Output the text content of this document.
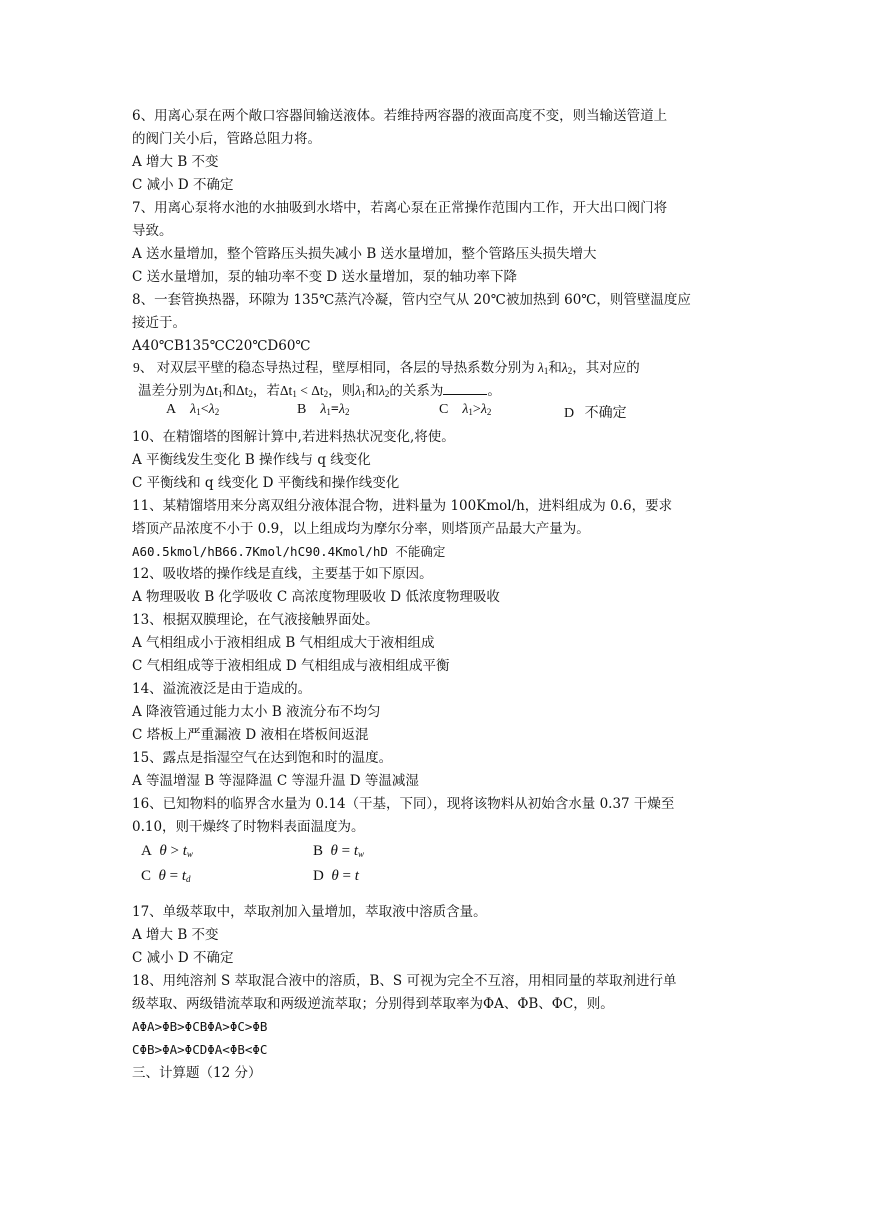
6、用离心泵在两个敞口容器间输送液体。若维持两容器的液面高度不变，则当输送管道上
的阀门关小后，管路总阻力将。
A 增大 B 不变
C 减小 D 不确定
7、用离心泵将水池的水抽吸到水塔中，若离心泵在正常操作范围内工作，开大出口阀门将
导致。
A 送水量增加，整个管路压头损失减小 B 送水量增加，整个管路压头损失增大
C 送水量增加，泵的轴功率不变 D 送水量增加，泵的轴功率下降
8、一套管换热器，环隙为 135℃蒸汽冷凝，管内空气从 20℃被加热到 60℃，则管壁温度应
接近于。
A40℃B135℃C20℃D60℃
9、 对双层平壁的稳态导热过程，壁厚相同，各层的导热系数分别为 $\lambda_1$和$\lambda_2$，其对应的
温差分别为$\Delta t_1$和$\Delta t_2$，若$\Delta t_1 < \Delta t_2$，则$\lambda_1$和$\lambda_2$的关系为	。
A $\lambda_1<\lambda_2$	B $\lambda_1=\lambda_2$	C $\lambda_1>\lambda_2$	D 不确定
10、在精馏塔的图解计算中,若进料热状况变化,将使。
A 平衡线发生变化 B 操作线与 q 线变化
C 平衡线和 q 线变化 D 平衡线和操作线变化
11、某精馏塔用来分离双组分液体混合物，进料量为 100Kmol/h，进料组成为 0.6，要求
塔顶产品浓度不小于 0.9，以上组成均为摩尔分率，则塔顶产品最大产量为。
A60.5kmol/hB66.7Kmol/hC90.4Kmol/hD 不能确定
12、吸收塔的操作线是直线，主要基于如下原因。
A 物理吸收 B 化学吸收 C 高浓度物理吸收 D 低浓度物理吸收
13、根据双膜理论，在气液接触界面处。
A 气相组成小于液相组成 B 气相组成大于液相组成
C 气相组成等于液相组成 D 气相组成与液相组成平衡
14、溢流液泛是由于造成的。
A 降液管通过能力太小 B 液流分布不均匀
C 塔板上严重漏液 D 液相在塔板间返混
15、露点是指湿空气在达到饱和时的温度。
A 等温增湿 B 等湿降温 C 等湿升温 D 等温减湿
16、已知物料的临界含水量为 0.14（干基，下同），现将该物料从初始含水量 0.37 干燥至
0.10，则干燥终了时物料表面温度为。
A $\theta > t_w$	B $\theta = t_w$
C $\theta = t_d$	D θ = t
17、单级萃取中，萃取剂加入量增加，萃取液中溶质含量。
A 增大 B 不变
C 减小 D 不确定
18、用纯溶剂 S 萃取混合液中的溶质，B、S 可视为完全不互溶，用相同量的萃取剂进行单
级萃取、两级错流萃取和两级逆流萃取；分别得到萃取率为ΦA、ΦB、ΦC，则。
AΦA>ΦB>ΦCBΦA>ΦC>ΦB
CΦB>ΦA>ΦCDΦA<ΦB<ΦC
三、计算题（12 分）
